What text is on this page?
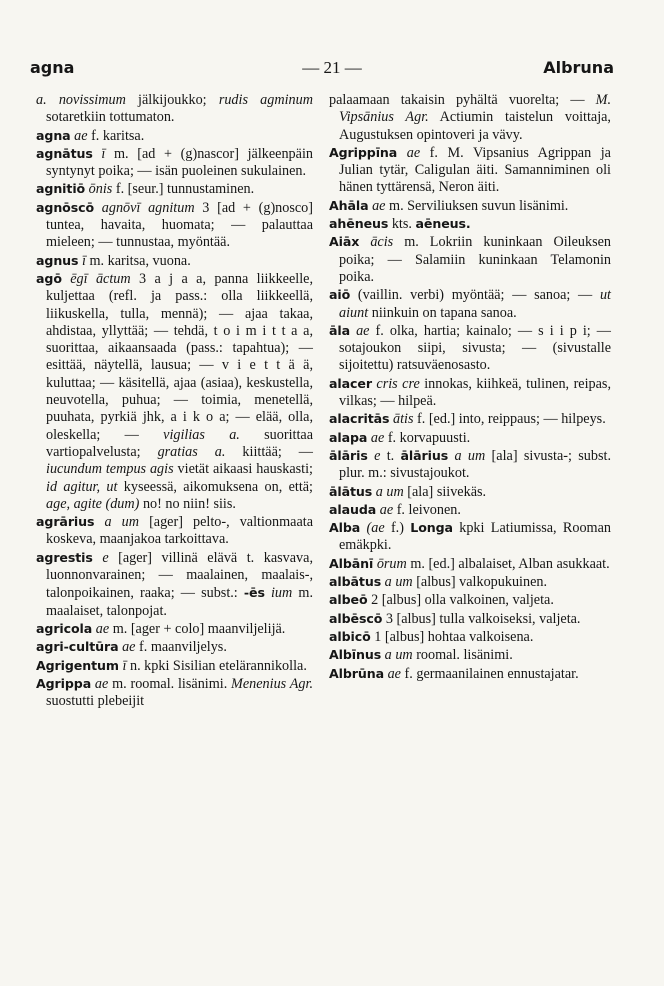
agna	— 21 —	Albruna

a. novissimum jälkijoukko; rudis agminum sotaretkiin tottumaton.

agna ae f. karitsa.

agnātus ī m. [ad + (g)nascor] jälkeenpäin syntynyt poika; — isän puoleinen sukulainen.

agnitiō ōnis f. [seur.] tunnustaminen.

agnōscō agnōvī agnitum 3 [ad + (g)nosco] tuntea, havaita, huomata; — palauttaa mieleen; — tunnustaa, myöntää.

agnus ī m. karitsa, vuona.

agō ēgī āctum 3 a j a a, panna liikkeelle, kuljettaa (refl. ja pass.: olla liikkeellä, liikuskella, tulla, mennä); — ajaa takaa, ahdistaa, yllyttää; — tehdä, t o i m i t t a a, suorittaa, aikaansaada (pass.: tapahtua); — esittää, näytellä, lausua; — v i e t t ä ä, kuluttaa; — käsitellä, ajaa (asiaa), keskustella, neuvotella, puhua; — toimia, menetellä, puuhata, pyrkiä jhk, a i k o a; — elää, olla, oleskella; — vigilias a. suorittaa vartiopalvelusta; gratias a. kiittää; — iucundum tempus agis vietät aikaasi hauskasti; id agitur, ut kyseessä, aikomuksena on, että; age, agite (dum) no! no niin! siis.

agrārius a um [ager] pelto-, valtionmaata koskeva, maanjakoa tarkoittava.

agrestis e [ager] villinä elävä t. kasvava, luonnonvarainen; — maalainen, maalais-, talonpoikainen, raaka; — subst.: -ēs ium m. maalaiset, talonpojat.

agricola ae m. [ager + colo] maanviljelijä.

agri-cultūra ae f. maanviljelys.

Agrigentum ī n. kpki Sisilian etelärannikolla.

Agrippa ae m. roomal. lisänimi. Menenius Agr. suostutti plebeijit

palaamaan takaisin pyhältä vuorelta; — M. Vipsānius Agr. Actiumin taistelun voittaja, Augustuksen opintoveri ja vävy.

Agrippīna ae f. M. Vipsanius Agrippan ja Julian tytär, Caligulan äiti. Samanniminen oli hänen tyttärensä, Neron äiti.

Ahāla ae m. Serviliuksen suvun lisänimi.

ahēneus kts. aēneus.

Aiāx ācis m. Lokriin kuninkaan Oileuksen poika; — Salamiin kuninkaan Telamonin poika.

aiō (vaillin. verbi) myöntää; — sanoa; — ut aiunt niinkuin on tapana sanoa.

āla ae f. olka, hartia; kainalo; — s i i p i; — sotajoukon siipi, sivusta; — (sivustalle sijoitettu) ratsuväenosasto.

alacer cris cre innokas, kiihkeä, tulinen, reipas, vilkas; — hilpeä.

alacritās ātis f. [ed.] into, reippaus; — hilpeys.

alapa ae f. korvapuusti.

ālāris e t. ālārius a um [ala] sivusta-; subst. plur. m.: sivustajoukot.

ālātus a um [ala] siivekäs.

alauda ae f. leivonen.

Alba (ae f.) Longa kpki Latiumissa, Rooman emäkpki.

Albānī ōrum m. [ed.] albalaiset, Alban asukkaat.

albātus a um [albus] valkopukuinen.

albeō 2 [albus] olla valkoinen, valjeta.

albēscō 3 [albus] tulla valkoiseksi, valjeta.

albicō 1 [albus] hohtaa valkoisena.

Albīnus a um roomal. lisänimi.

Albrūna ae f. germaanilainen ennustajatar.
